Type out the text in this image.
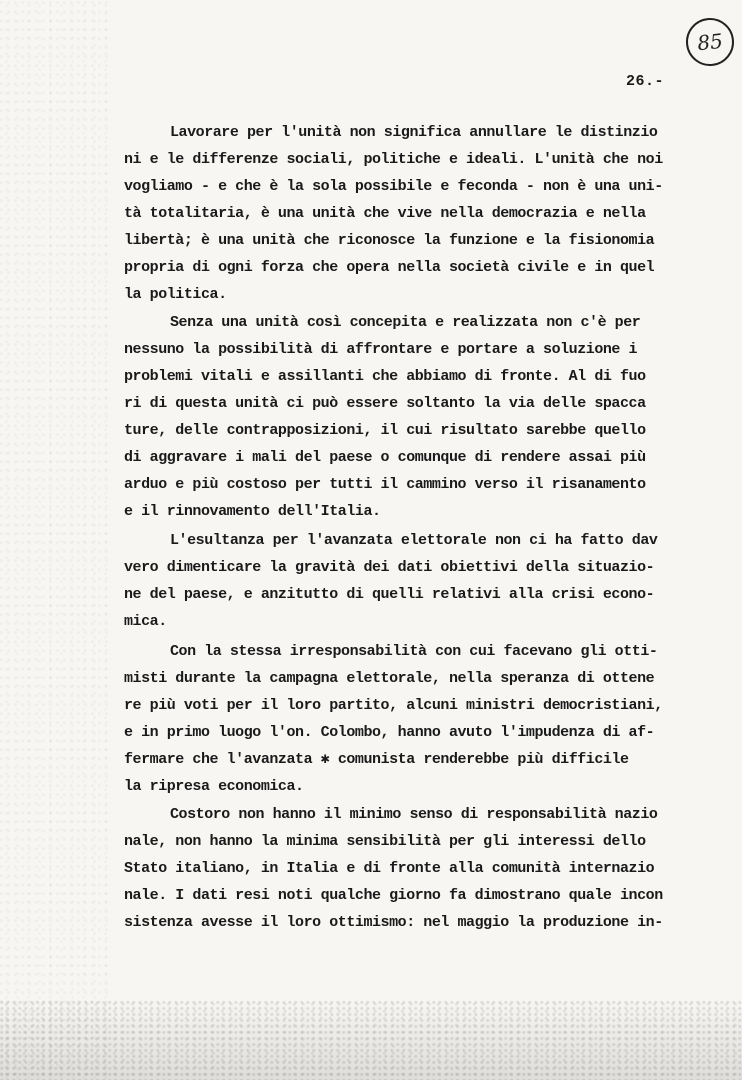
85
26.-
Lavorare per l'unità non significa annullare le distinzio
ni e le differenze sociali, politiche e ideali. L'unità che noi
vogliamo - e che è la sola possibile e feconda - non è una uni-
tà totalitaria, è una unità che vive nella democrazia e nella
libertà; è una unità che riconosce la funzione e la fisionomia
propria di ogni forza che opera nella società civile e in quel
la politica.
Senza una unità così concepita e realizzata non c'è per
nessuno la possibilità di affrontare e portare a soluzione i
problemi vitali e assillanti che abbiamo di fronte. Al di fuo
ri di questa unità ci può essere soltanto la via delle spacca
ture, delle contrapposizioni, il cui risultato sarebbe quello
di aggravare i mali del paese o comunque di rendere assai più
arduo e più costoso per tutti il cammino verso il risanamento
e il rinnovamento dell'Italia.
L'esultanza per l'avanzata elettorale non ci ha fatto dav
vero dimenticare la gravità dei dati obiettivi della situazio-
ne del paese, e anzitutto di quelli relativi alla crisi econo-
mica.
Con la stessa irresponsabilità con cui facevano gli otti-
misti durante la campagna elettorale, nella speranza di ottene
re più voti per il loro partito, alcuni ministri democristiani,
e in primo luogo l'on. Colombo, hanno avuto l'impudenza di af-
fermare che l'avanzata ✱ comunista renderebbe più difficile
la ripresa economica.
Costoro non hanno il minimo senso di responsabilità nazio
nale, non hanno la minima sensibilità per gli interessi dello
Stato italiano, in Italia e di fronte alla comunità internazio
nale. I dati resi noti qualche giorno fa dimostrano quale incon
sistenza avesse il loro ottimismo: nel maggio la produzione in-
